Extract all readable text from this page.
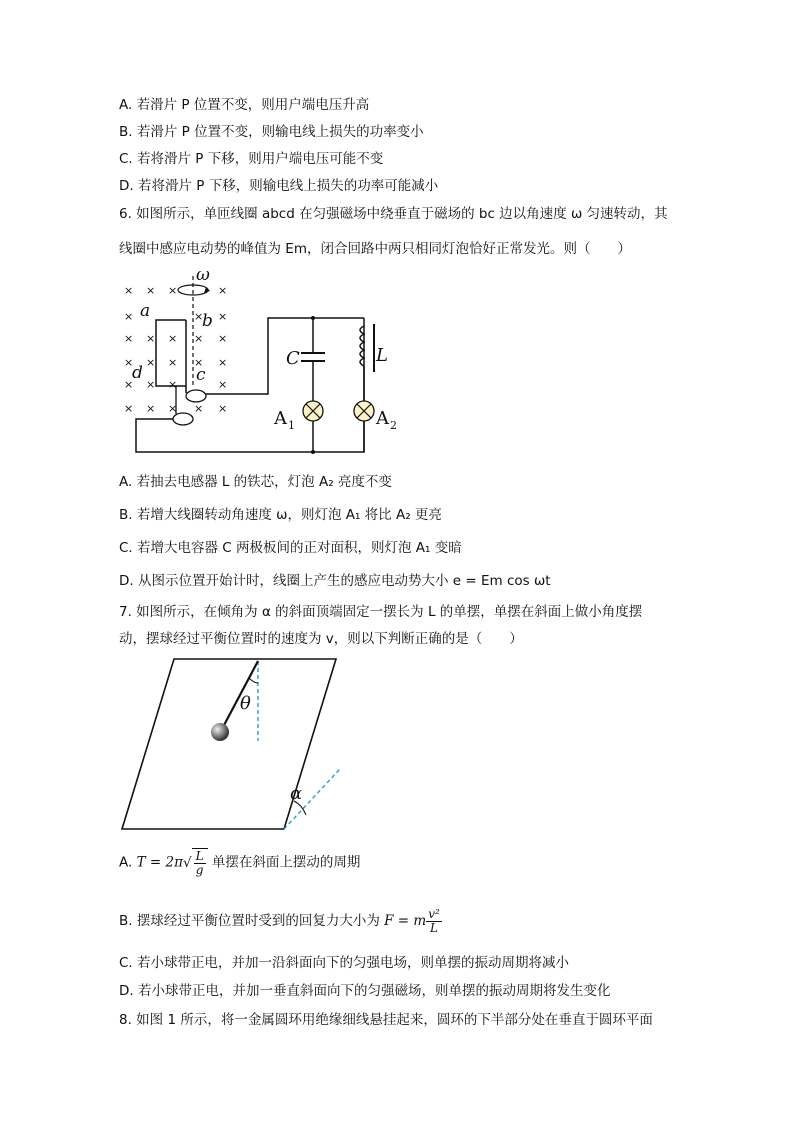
A. 若滑片 P 位置不变，则用户端电压升高
B. 若滑片 P 位置不变，则输电线上损失的功率变小
C. 若将滑片 P 下移，则用户端电压可能不变
D. 若将滑片 P 下移，则输电线上损失的功率可能减小
6. 如图所示，单匝线圈 abcd 在匀强磁场中绕垂直于磁场的 bc 边以角速度 ω 匀速转动，其
线圈中感应电动势的峰值为 Em，闭合回路中两只相同灯泡恰好正常发光。则（　　）
× × ×	×
×	× ×
× × × × ×
× × × × ×
× × ×	×
× × × × ×
ω
a	b
c
d
C
A 1
L
A 2
A. 若抽去电感器 L 的铁芯，灯泡 A₂ 亮度不变
B. 若增大线圈转动角速度 ω，则灯泡 A₁ 将比 A₂ 更亮
C. 若增大电容器 C 两极板间的正对面积，则灯泡 A₁ 变暗
D. 从图示位置开始计时，线圈上产生的感应电动势大小 e = Em cos ωt
7. 如图所示，在倾角为 α 的斜面顶端固定一摆长为 L 的单摆，单摆在斜面上做小角度摆
动，摆球经过平衡位置时的速度为 v，则以下判断正确的是（　　）
θ
α
A. $T = 2\pi√ \frac{L}{g}$ 单摆在斜面上摆动的周期
B. 摆球经过平衡位置时受到的回复力大小为 F = m $\frac{\text{v²}}{L}$
C. 若小球带正电，并加一沿斜面向下的匀强电场，则单摆的振动周期将减小
D. 若小球带正电，并加一垂直斜面向下的匀强磁场，则单摆的振动周期将发生变化
8. 如图 1 所示，将一金属圆环用绝缘细线悬挂起来，圆环的下半部分处在垂直于圆环平面
